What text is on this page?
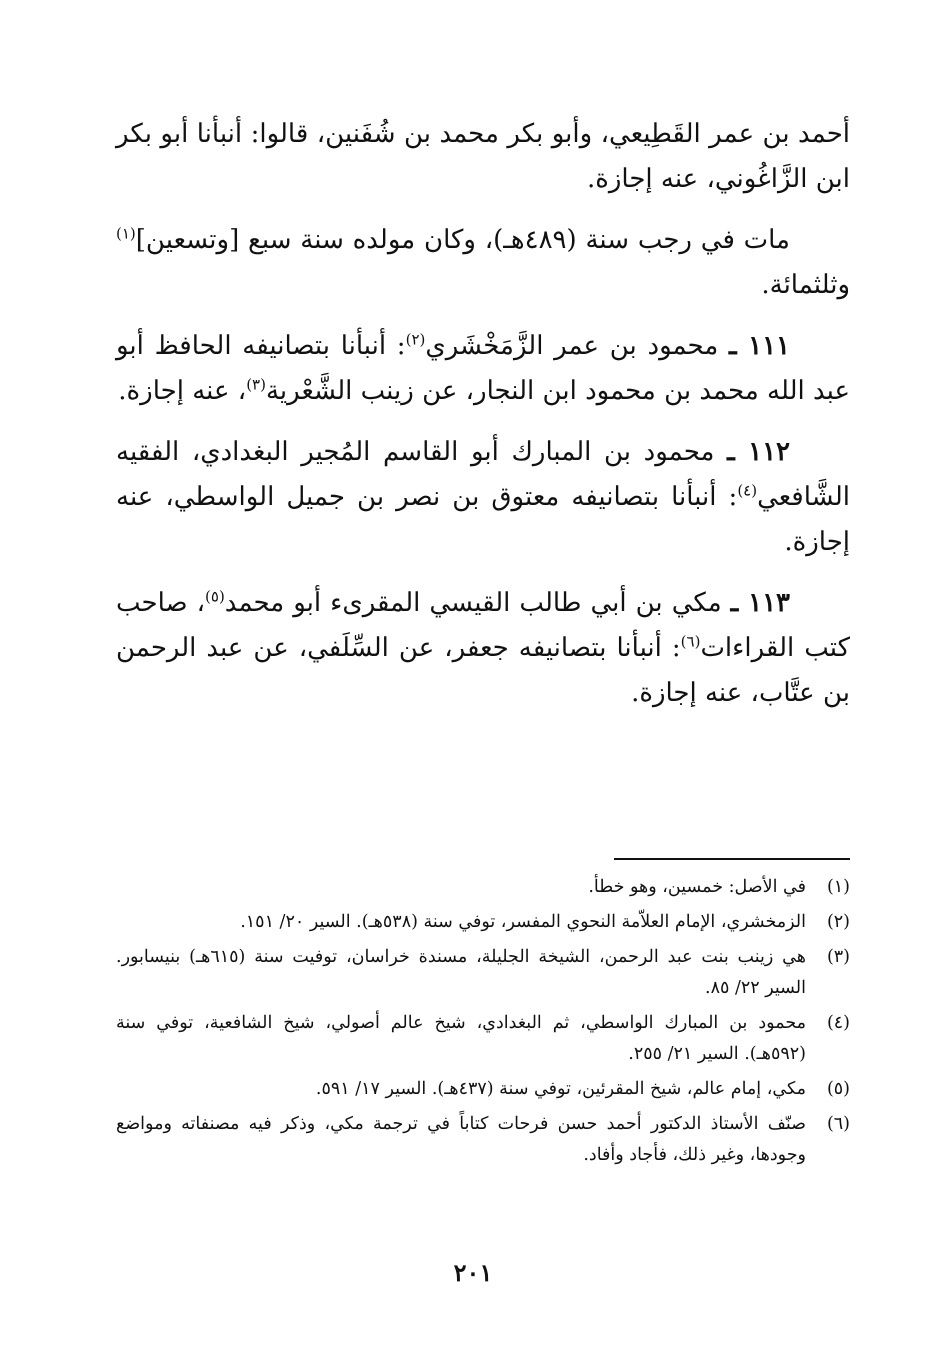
أحمد بن عمر القَطِيعي، وأبو بكر محمد بن شُفَنين، قالوا: أنبأنا أبو بكر ابن الزَّاغُوني، عنه إجازة.

مات في رجب سنة (٤٨٩هـ)، وكان مولده سنة سبع [وتسعين]$^{(١)}$ وثلثمائة.

١١١ ـ محمود بن عمر الزَّمَخْشَري$^{(٢)}$: أنبأنا بتصانيفه الحافظ أبو عبد الله محمد بن محمود ابن النجار، عن زينب الشَّعْرية$^{(٣)}$، عنه إجازة.

١١٢ ـ محمود بن المبارك أبو القاسم المُجير البغدادي، الفقيه الشَّافعي$^{(٤)}$: أنبأنا بتصانيفه معتوق بن نصر بن جميل الواسطي، عنه إجازة.

١١٣ ـ مكي بن أبي طالب القيسي المقرىء أبو محمد$^{(٥)}$، صاحب كتب القراءات$^{(٦)}$: أنبأنا بتصانيفه جعفر، عن السِّلَفي، عن عبد الرحمن بن عتَّاب، عنه إجازة.

(١)
في الأصل: خمسين، وهو خطأ.
(٢)
الزمخشري، الإمام العلاّمة النحوي المفسر، توفي سنة (٥٣٨هـ). السير ٢٠/ ١٥١.
(٣)
هي زينب بنت عبد الرحمن، الشيخة الجليلة، مسندة خراسان، توفيت سنة (٦١٥هـ) بنيسابور. السير ٢٢/ ٨٥.
(٤)
محمود بن المبارك الواسطي، ثم البغدادي، شيخ عالم أصولي، شيخ الشافعية، توفي سنة (٥٩٢هـ). السير ٢١/ ٢٥٥.
(٥)
مكي، إمام عالم، شيخ المقرئين، توفي سنة (٤٣٧هـ). السير ١٧/ ٥٩١.
(٦)
صنّف الأستاذ الدكتور أحمد حسن فرحات كتاباً في ترجمة مكي، وذكر فيه مصنفاته ومواضع وجودها، وغير ذلك، فأجاد وأفاد.
٢٠١
